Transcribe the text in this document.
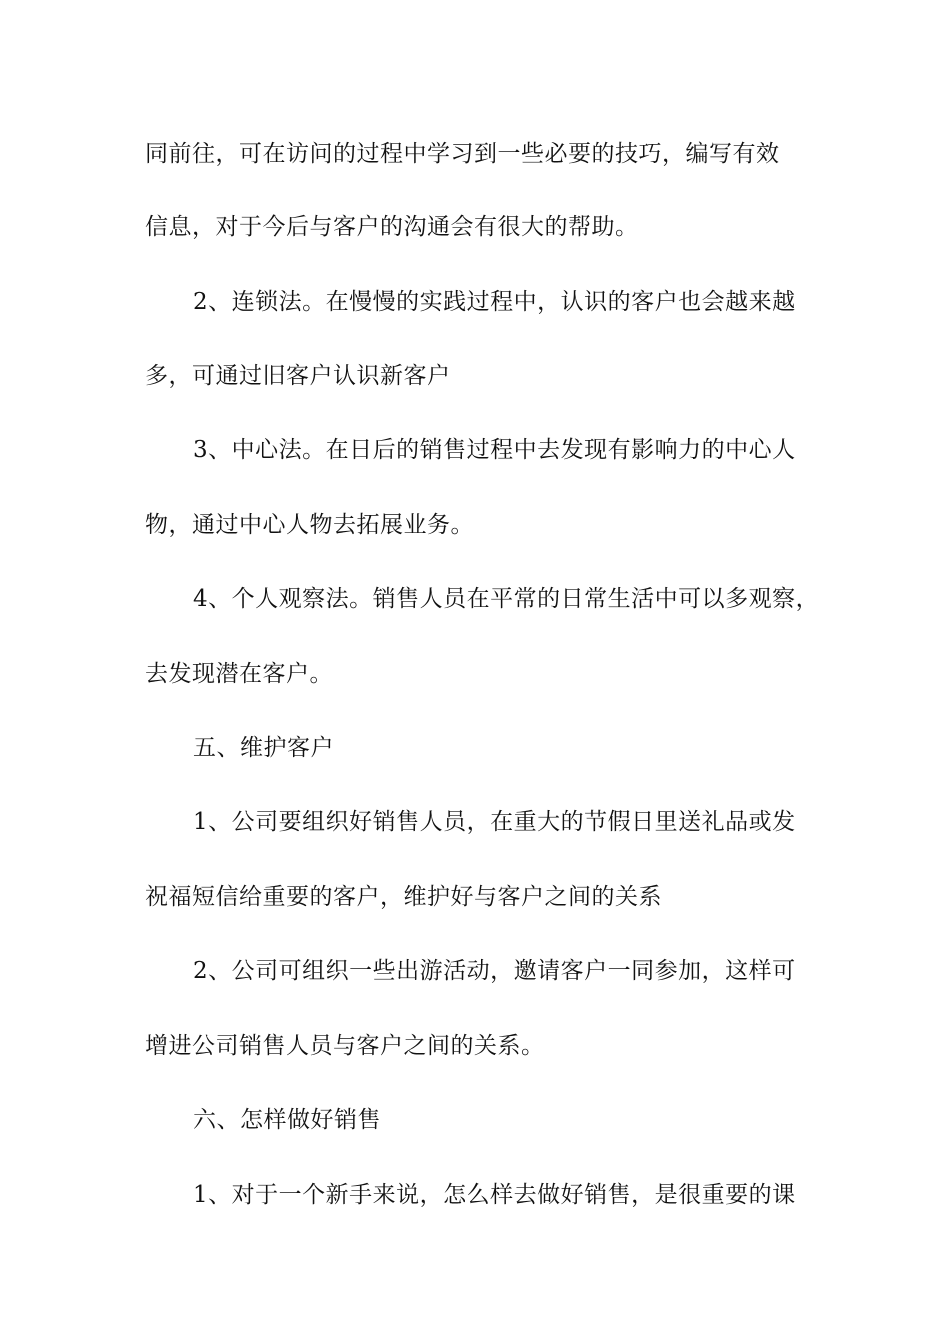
同前往，可在访问的过程中学习到一些必要的技巧，编写有效
信息，对于今后与客户的沟通会有很大的帮助。
2、连锁法。在慢慢的实践过程中，认识的客户也会越来越
多，可通过旧客户认识新客户
3、中心法。在日后的销售过程中去发现有影响力的中心人
物，通过中心人物去拓展业务。
4、个人观察法。销售人员在平常的日常生活中可以多观察，
去发现潜在客户。
五、维护客户
1、公司要组织好销售人员，在重大的节假日里送礼品或发
祝福短信给重要的客户，维护好与客户之间的关系
2、公司可组织一些出游活动，邀请客户一同参加，这样可
增进公司销售人员与客户之间的关系。
六、怎样做好销售
1、对于一个新手来说，怎么样去做好销售，是很重要的课
